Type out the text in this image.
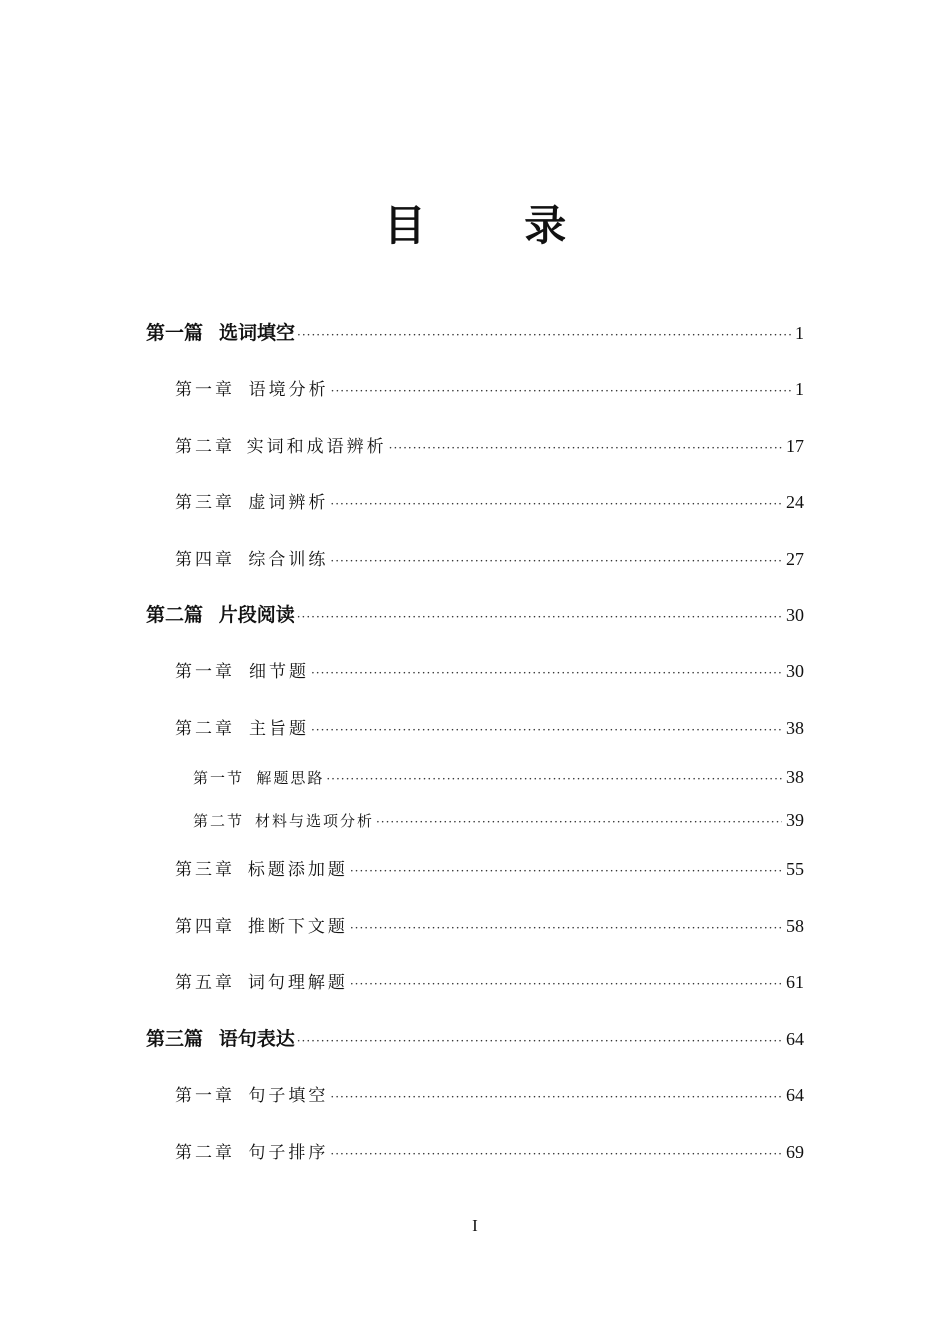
目 录
第一篇 选词填空 ·····	1
第一章 语境分析 ·····	1
第二章 实词和成语辨析 ·····	17
第三章 虚词辨析 ·····	24
第四章 综合训练 ·····	27
第二篇 片段阅读 ·····	30
第一章 细节题 ·····	30
第二章 主旨题 ·····	38
第一节 解题思路 ·····	38
第二节 材料与选项分析 ·····	39
第三章 标题添加题 ·····	55
第四章 推断下文题 ·····	58
第五章 词句理解题 ·····	61
第三篇 语句表达 ·····	64
第一章 句子填空 ·····	64
第二章 句子排序 ·····	69
I
